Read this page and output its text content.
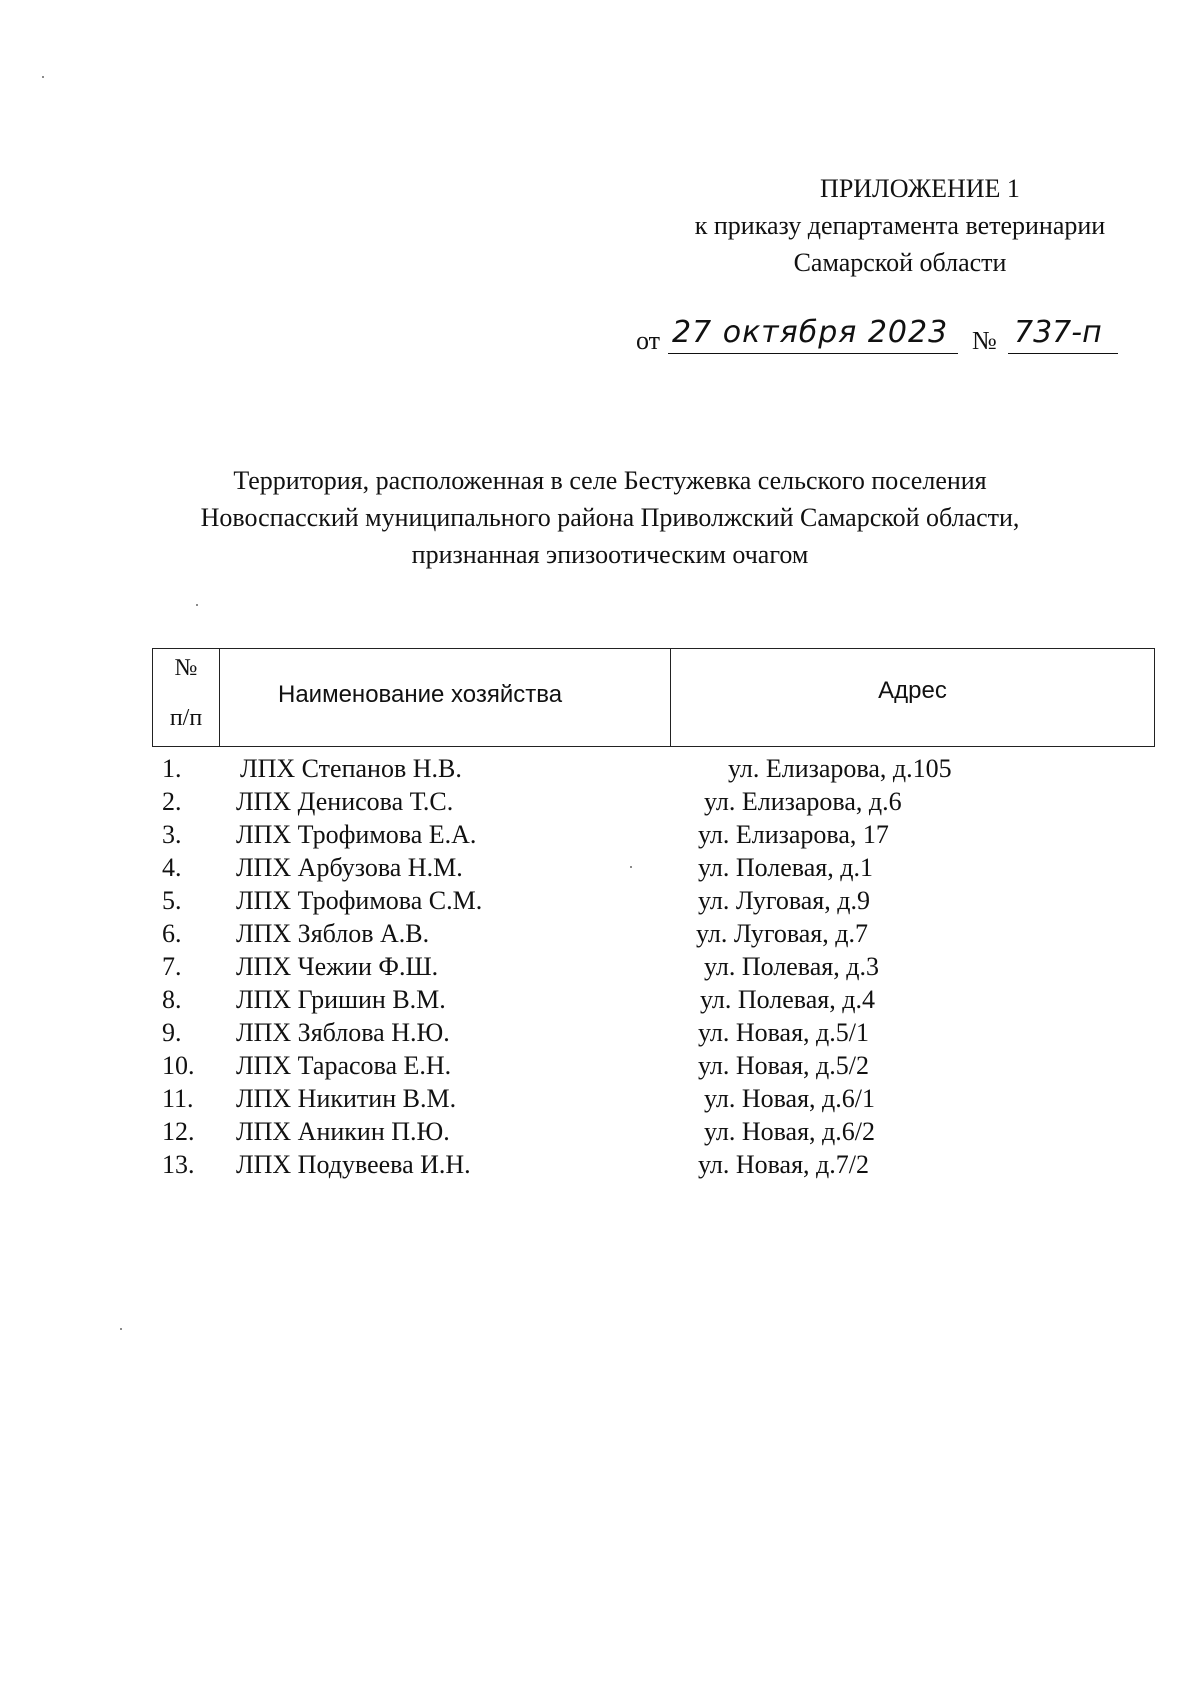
ПРИЛОЖЕНИЕ 1
к приказу департамента ветеринарии
Самарской области
от 27 октября 2023 № 737-п
Территория, расположенная в селе Бестужевка сельского поселения
Новоспасский муниципального района Приволжский Самарской области,
признанная эпизоотическим очагом
№
п/п
Наименование хозяйства	Адрес
1. ЛПХ Степанов Н.В.	ул. Елизарова, д.105
2. ЛПХ Денисова Т.С.	ул. Елизарова, д.6
3. ЛПХ Трофимова Е.А.	ул. Елизарова, 17
4. ЛПХ Арбузова Н.М.	ул. Полевая, д.1
5. ЛПХ Трофимова С.М.	ул. Луговая, д.9
6. ЛПХ Зяблов А.В.	ул. Луговая, д.7
7. ЛПХ Чежии Ф.Ш.	ул. Полевая, д.3
8. ЛПХ Гришин В.М.	ул. Полевая, д.4
9. ЛПХ Зяблова Н.Ю.	ул. Новая, д.5/1
10. ЛПХ Тарасова Е.Н.	ул. Новая, д.5/2
11. ЛПХ Никитин В.М.	ул. Новая, д.6/1
12. ЛПХ Аникин П.Ю.	ул. Новая, д.6/2
13. ЛПХ Подувеева И.Н.	ул. Новая, д.7/2
